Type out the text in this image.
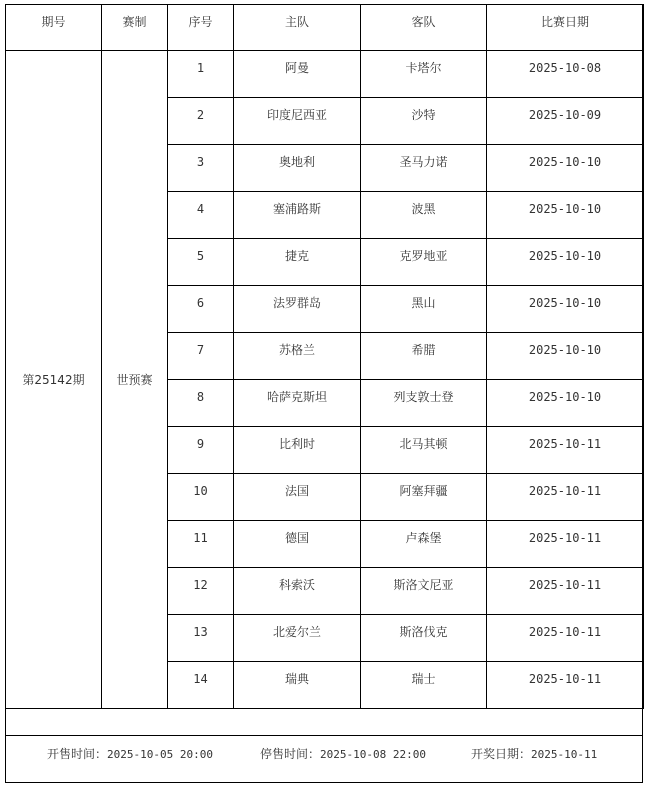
期号	赛制	序号	主队	客队	比赛日期
第25142期	世预赛	1	阿曼	卡塔尔	2025-10-08
		2	印度尼西亚	沙特	2025-10-09
		3	奥地利	圣马力诺	2025-10-10
		4	塞浦路斯	波黑	2025-10-10
		5	捷克	克罗地亚	2025-10-10
		6	法罗群岛	黑山	2025-10-10
		7	苏格兰	希腊	2025-10-10
		8	哈萨克斯坦	列支敦士登	2025-10-10
		9	比利时	北马其顿	2025-10-11
		10	法国	阿塞拜疆	2025-10-11
		11	德国	卢森堡	2025-10-11
		12	科索沃	斯洛文尼亚	2025-10-11
		13	北爱尔兰	斯洛伐克	2025-10-11
		14	瑞典	瑞士	2025-10-11
开售时间：2025-10-05 20:00	停售时间：2025-10-08 22:00	开奖日期：2025-10-11
